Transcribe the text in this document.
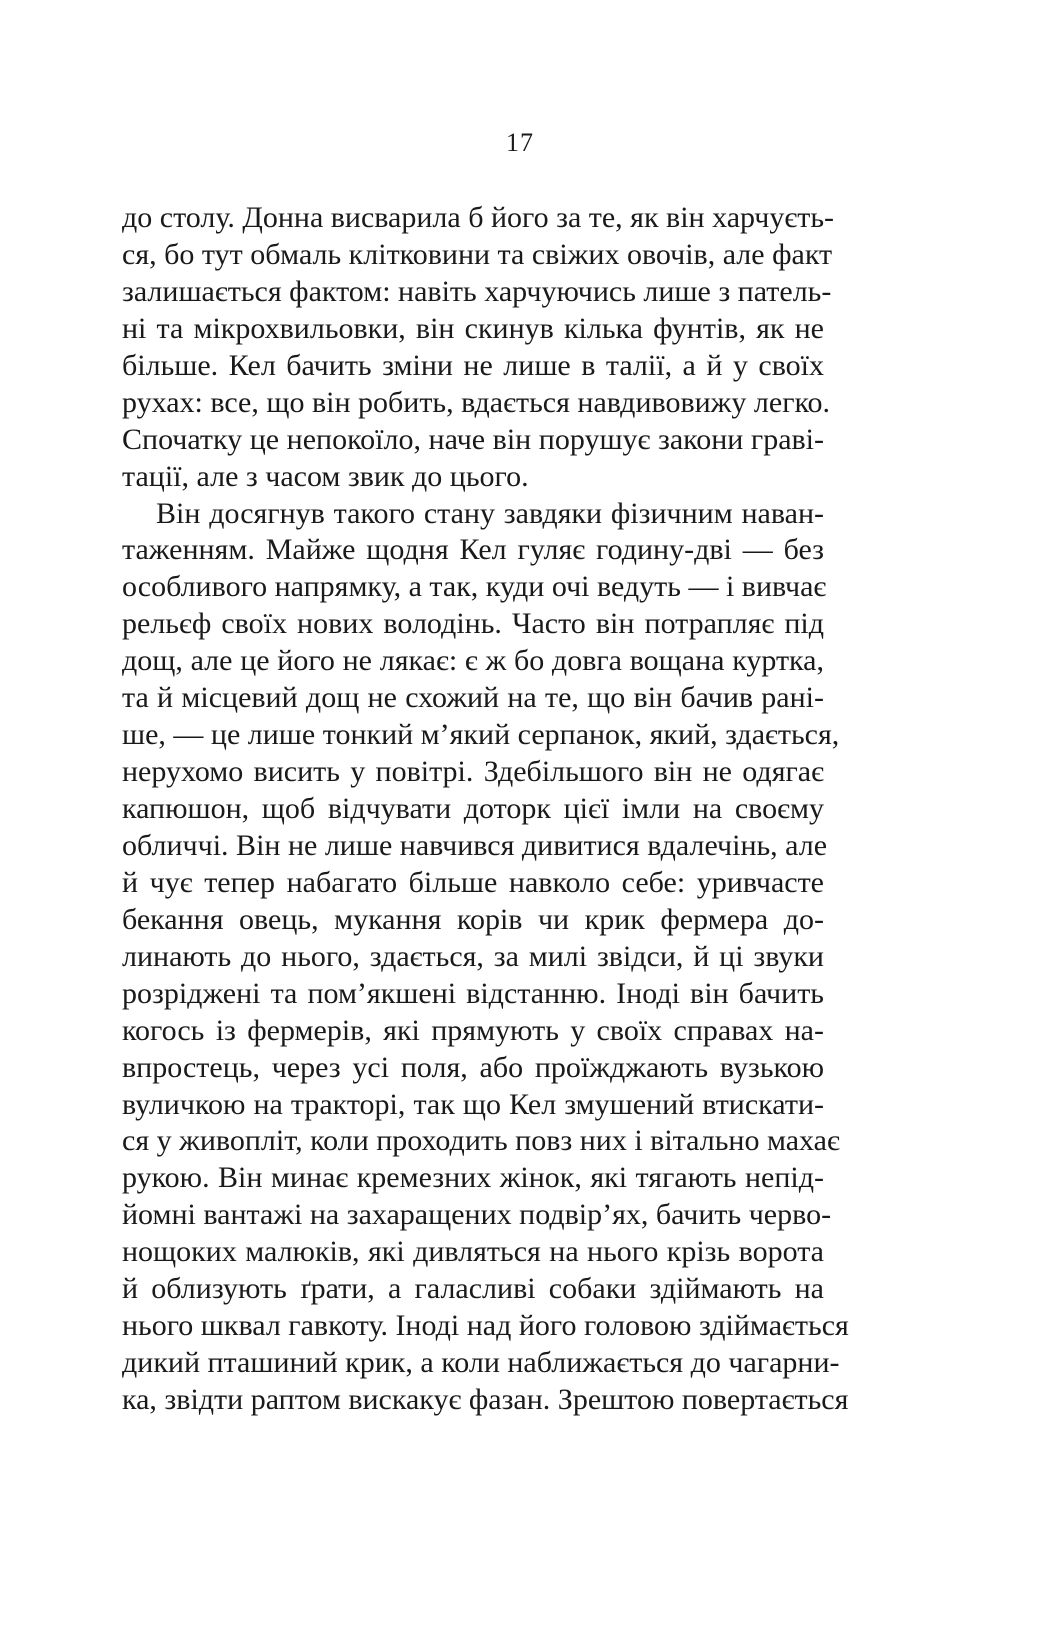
17
до столу. Донна висварила б його за те, як він харчуєть-
ся, бо тут обмаль клітковини та свіжих овочів, але факт
залишається фактом: навіть харчуючись лише з патель-
ні та мікрохвильовки, він скинув кілька фунтів, як не
більше. Кел бачить зміни не лише в талії, а й у своїх
рухах: все, що він робить, вдається навдивовижу легко.
Спочатку це непокоїло, наче він порушує закони граві-
тації, але з часом звик до цього.
Він досягнув такого стану завдяки фізичним наван-
таженням. Майже щодня Кел гуляє годину-дві — без
особливого напрямку, а так, куди очі ведуть — і вивчає
рельєф своїх нових володінь. Часто він потрапляє під
дощ, але це його не лякає: є ж бо довга вощана куртка,
та й місцевий дощ не схожий на те, що він бачив рані-
ше, — це лише тонкий м’який серпанок, який, здається,
нерухомо висить у повітрі. Здебільшого він не одягає
капюшон, щоб відчувати доторк цієї імли на своєму
обличчі. Він не лише навчився дивитися вдалечінь, але
й чує тепер набагато більше навколо себе: уривчасте
бекання овець, мукання корів чи крик фермера до-
линають до нього, здається, за милі звідси, й ці звуки
розріджені та пом’якшені відстанню. Іноді він бачить
когось із фермерів, які прямують у своїх справах на-
впростець, через усі поля, або проїжджають вузькою
вуличкою на тракторі, так що Кел змушений втискати-
ся у живопліт, коли проходить повз них і вітально махає
рукою. Він минає кремезних жінок, які тягають непід-
йомні вантажі на захаращених подвір’ях, бачить черво-
нощоких малюків, які дивляться на нього крізь ворота
й облизують ґрати, а галасливі собаки здіймають на
нього шквал гавкоту. Іноді над його головою здіймається
дикий пташиний крик, а коли наближається до чагарни-
ка, звідти раптом вискакує фазан. Зрештою повертається
